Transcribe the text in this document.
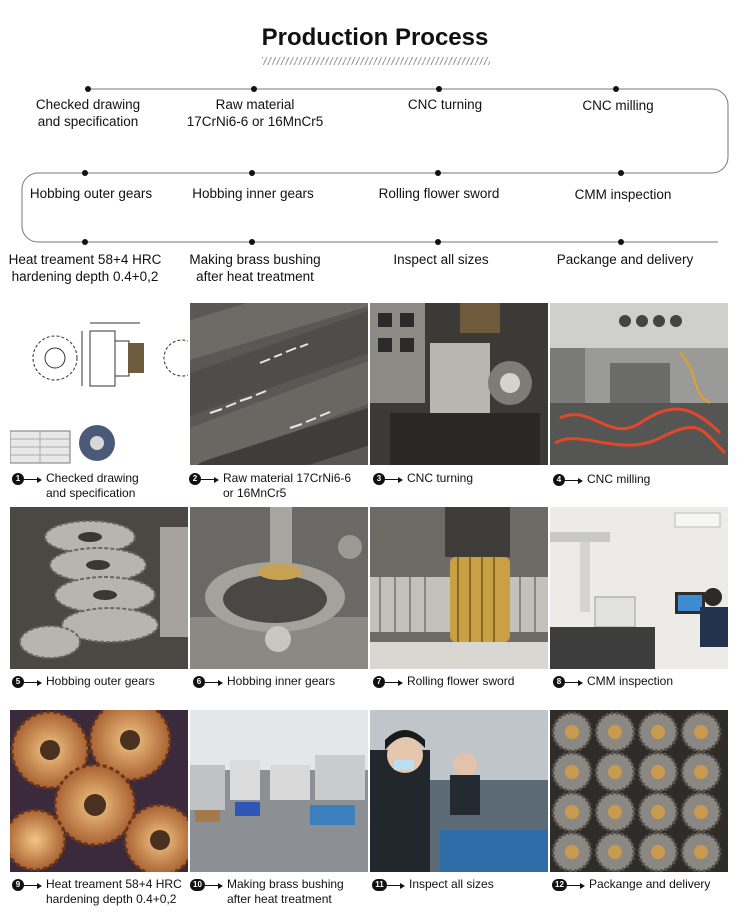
Production Process
Checked drawing
and specification
Raw material
17CrNi6-6 or 16MnCr5
CNC turning	CNC milling
Hobbing outer gears	Hobbing inner gears	Rolling flower sword	CMM inspection
Heat treament 58+4 HRC
hardening depth 0.4+0,2
Making brass bushing
after heat treatment
Inspect all sizes	Packange and delivery
1	Checked drawing
and specification
2	Raw material 17CrNi6-6
or 16MnCr5
3	CNC turning	4	CNC milling
5	Hobbing outer gears	6	Hobbing inner gears	7	Rolling flower sword	8	CMM inspection
9	Heat treament 58+4 HRC
hardening depth 0.4+0,2
10 Making brass bushing
after heat treatment
11 Inspect all sizes	12 Packange and delivery
